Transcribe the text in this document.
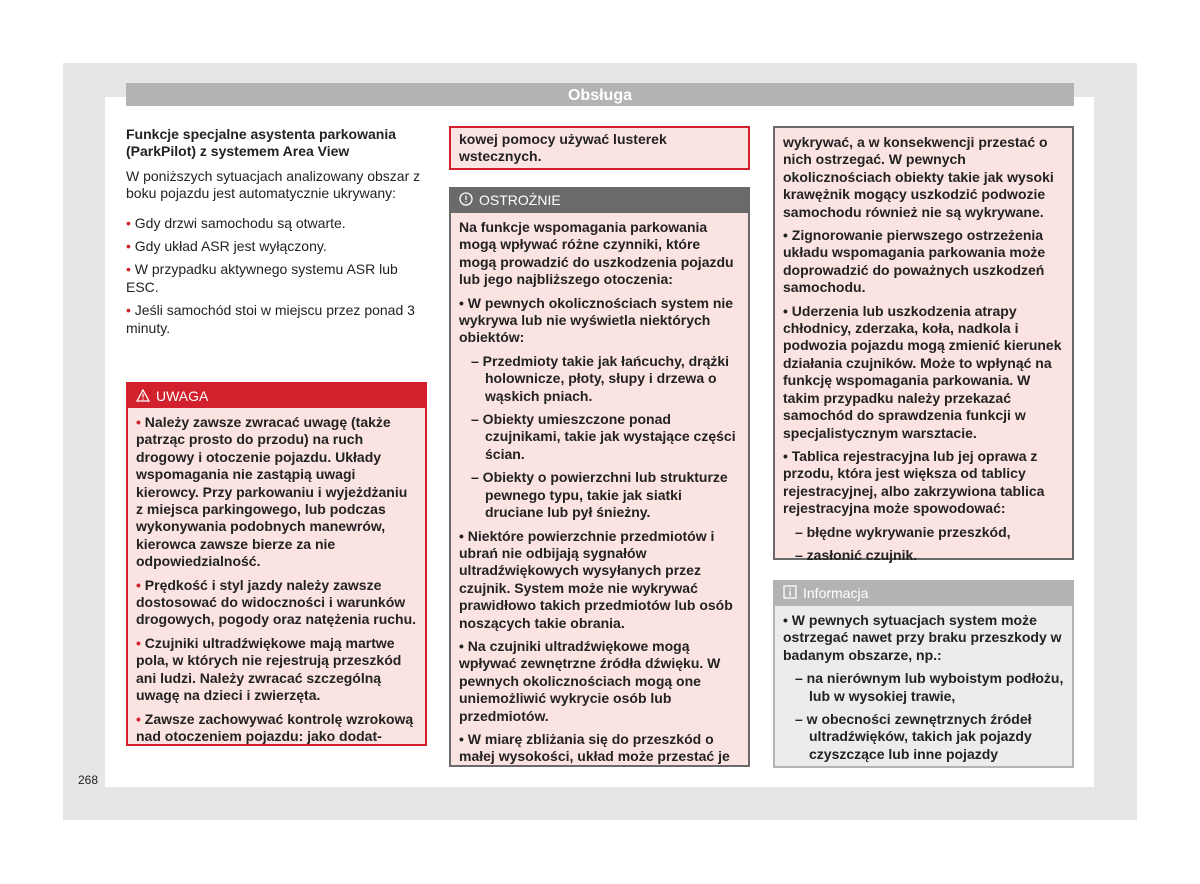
Obsługa

Funkcje specjalne asystenta parkowania (ParkPilot) z systemem Area View

W poniższych sytuacjach analizowany obszar z boku pojazdu jest automatycznie ukrywany:

• Gdy drzwi samochodu są otwarte.

• Gdy układ ASR jest wyłączony.

• W przypadku aktywnego systemu ASR lub ESC.

• Jeśli samochód stoi w miejscu przez ponad 3 minuty.

UWAGA

• Należy zawsze zwracać uwagę (także patrząc prosto do przodu) na ruch drogowy i otoczenie pojazdu. Układy wspomagania nie zastąpią uwagi kierowcy. Przy parkowaniu i wyjeżdżaniu z miejsca parkingowego, lub podczas wykonywania podobnych manewrów, kierowca zawsze bierze za nie odpowiedzialność.

• Prędkość i styl jazdy należy zawsze dostosować do widoczności i warunków drogowych, pogody oraz natężenia ruchu.

• Czujniki ultradźwiękowe mają martwe pola, w których nie rejestrują przeszkód ani ludzi. Należy zwracać szczególną uwagę na dzieci i zwierzęta.

• Zawsze zachowywać kontrolę wzrokową nad otoczeniem pojazdu: jako dodat-

kowej pomocy używać lusterek wstecznych.

OSTROŻNIE

Na funkcje wspomagania parkowania mogą wpływać różne czynniki, które mogą prowadzić do uszkodzenia pojazdu lub jego najbliższego otoczenia:

• W pewnych okolicznościach system nie wykrywa lub nie wyświetla niektórych obiektów:

– Przedmioty takie jak łańcuchy, drążki holownicze, płoty, słupy i drzewa o wąskich pniach.

– Obiekty umieszczone ponad czujnikami, takie jak wystające części ścian.

– Obiekty o powierzchni lub strukturze pewnego typu, takie jak siatki druciane lub pył śnieżny.

• Niektóre powierzchnie przedmiotów i ubrań nie odbijają sygnałów ultradźwiękowych wysyłanych przez czujnik. System może nie wykrywać prawidłowo takich przedmiotów lub osób noszących takie obrania.

• Na czujniki ultradźwiękowe mogą wpływać zewnętrzne źródła dźwięku. W pewnych okolicznościach mogą one uniemożliwić wykrycie osób lub przedmiotów.

• W miarę zbliżania się do przeszkód o małej wysokości, układ może przestać je

wykrywać, a w konsekwencji przestać o nich ostrzegać. W pewnych okolicznościach obiekty takie jak wysoki krawężnik mogący uszkodzić podwozie samochodu również nie są wykrywane.

• Zignorowanie pierwszego ostrzeżenia układu wspomagania parkowania może doprowadzić do poważnych uszkodzeń samochodu.

• Uderzenia lub uszkodzenia atrapy chłodnicy, zderzaka, koła, nadkola i podwozia pojazdu mogą zmienić kierunek działania czujników. Może to wpłynąć na funkcję wspomagania parkowania. W takim przypadku należy przekazać samochód do sprawdzenia funkcji w specjalistycznym warsztacie.

• Tablica rejestracyjna lub jej oprawa z przodu, która jest większa od tablicy rejestracyjnej, albo zakrzywiona tablica rejestracyjna może spowodować:

– błędne wykrywanie przeszkód,

– zasłonić czujnik.

Informacja

• W pewnych sytuacjach system może ostrzegać nawet przy braku przeszkody w badanym obszarze, np.:

– na nierównym lub wyboistym podłożu, lub w wysokiej trawie,

– w obecności zewnętrznych źródeł ultradźwięków, takich jak pojazdy czyszczące lub inne pojazdy

268
